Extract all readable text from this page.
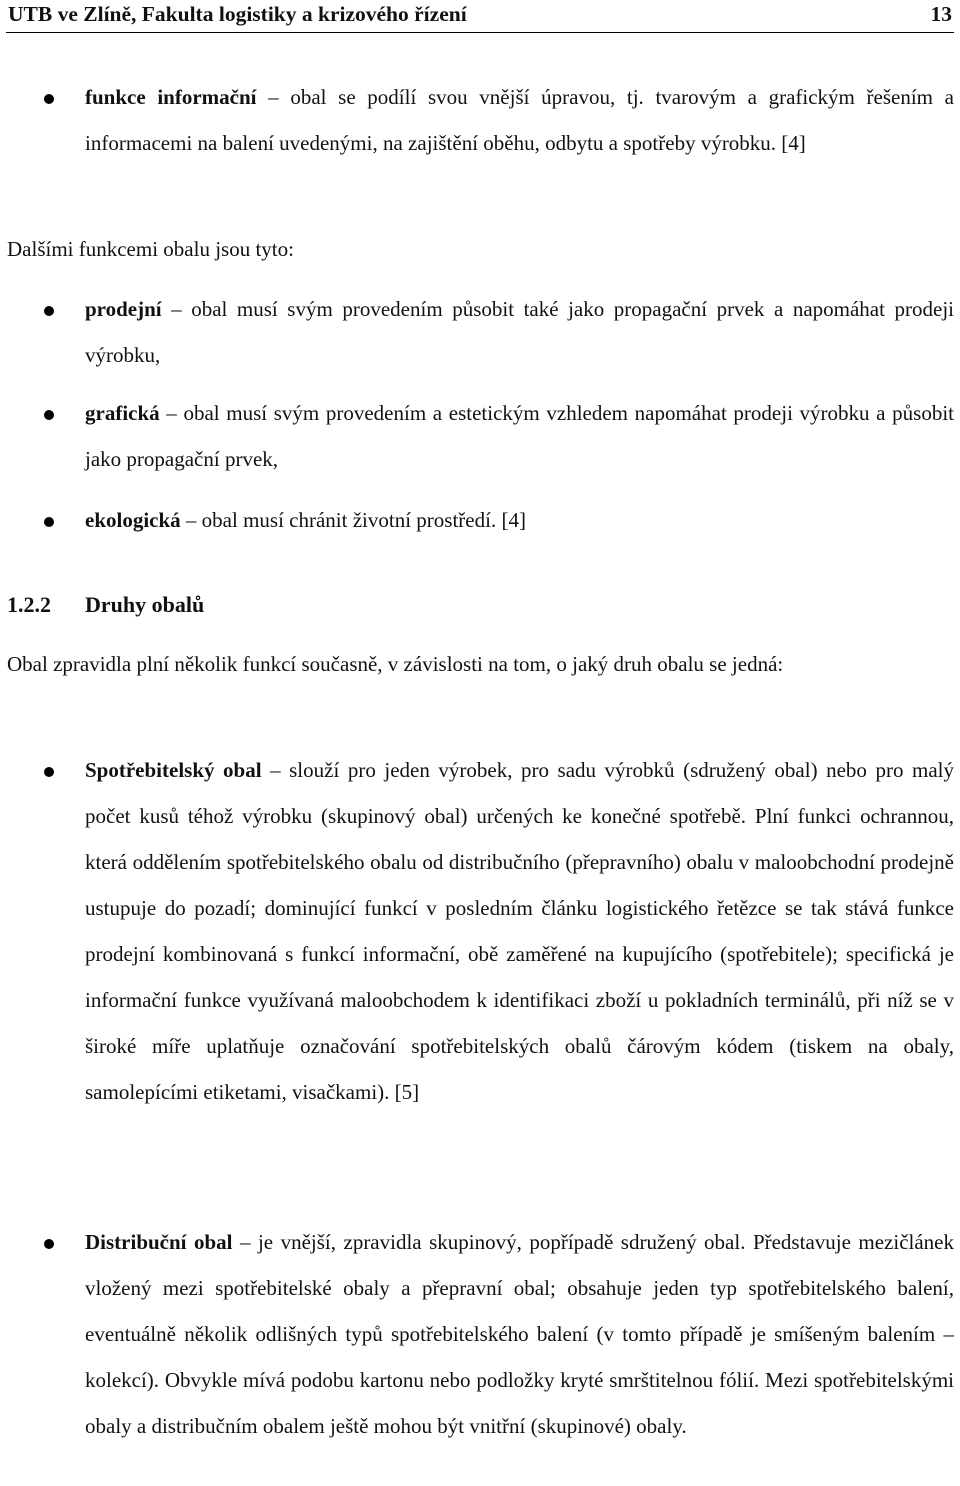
UTB ve Zlíně, Fakulta logistiky a krizového řízení	13
funkce informační – obal se podílí svou vnější úpravou, tj. tvarovým a grafickým řešením a informacemi na balení uvedenými, na zajištění oběhu, odbytu a spotřeby výrobku. [4]
Dalšími funkcemi obalu jsou tyto:
prodejní – obal musí svým provedením působit také jako propagační prvek a napomáhat prodeji výrobku,
grafická – obal musí svým provedením a estetickým vzhledem napomáhat prodeji výrobku a působit jako propagační prvek,
ekologická – obal musí chránit životní prostředí. [4]
1.2.2 Druhy obalů
Obal zpravidla plní několik funkcí současně, v závislosti na tom, o jaký druh obalu se jedná:
Spotřebitelský obal – slouží pro jeden výrobek, pro sadu výrobků (sdružený obal) nebo pro malý počet kusů téhož výrobku (skupinový obal) určených ke konečné spotřebě. Plní funkci ochrannou, která oddělením spotřebitelského obalu od distribučního (přepravního) obalu v maloobchodní prodejně ustupuje do pozadí; dominující funkcí v posledním článku logistického řetězce se tak stává funkce prodejní kombinovaná s funkcí informační, obě zaměřené na kupujícího (spotřebitele); specifická je informační funkce využívaná maloobchodem k identifikaci zboží u pokladních terminálů, při níž se v široké míře uplatňuje označování spotřebitelských obalů čárovým kódem (tiskem na obaly, samolepícími etiketami, visačkami). [5]
Distribuční obal – je vnější, zpravidla skupinový, popřípadě sdružený obal. Představuje mezičlánek vložený mezi spotřebitelské obaly a přepravní obal; obsahuje jeden typ spotřebitelského balení, eventuálně několik odlišných typů spotřebitelského balení (v tomto případě je smíšeným balením – kolekcí). Obvykle mívá podobu kartonu nebo podložky kryté smrštitelnou fólií. Mezi spotřebitelskými obaly a distribučním obalem ještě mohou být vnitřní (skupinové) obaly.
